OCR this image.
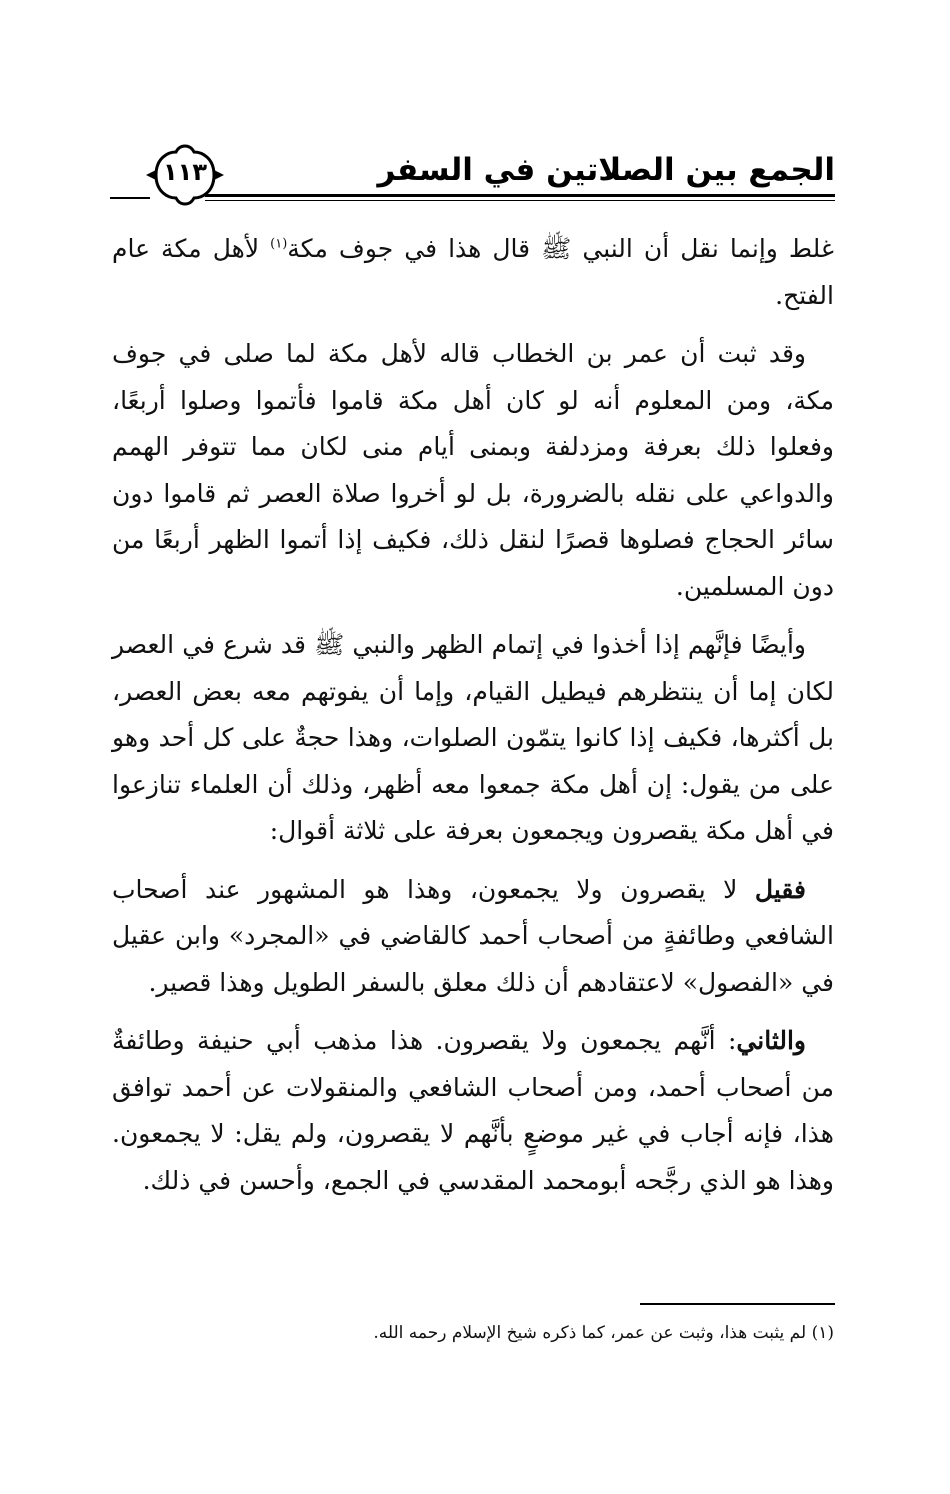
الجمع بين الصلاتين في السفر
١١٣

غلط وإنما نقل أن النبي ﷺ قال هذا في جوف مكة$^{(١)}$ لأهل مكة عام الفتح.

وقد ثبت أن عمر بن الخطاب قاله لأهل مكة لما صلى في جوف مكة، ومن المعلوم أنه لو كان أهل مكة قاموا فأتموا وصلوا أربعًا، وفعلوا ذلك بعرفة ومزدلفة وبمنى أيام منى لكان مما تتوفر الهمم والدواعي على نقله بالضرورة، بل لو أخروا صلاة العصر ثم قاموا دون سائر الحجاج فصلوها قصرًا لنقل ذلك، فكيف إذا أتموا الظهر أربعًا من دون المسلمين.

وأيضًا فإنَّهم إذا أخذوا في إتمام الظهر والنبي ﷺ قد شرع في العصر لكان إما أن ينتظرهم فيطيل القيام، وإما أن يفوتهم معه بعض العصر، بل أكثرها، فكيف إذا كانوا يتمّون الصلوات، وهذا حجةٌ على كل أحد وهو على من يقول: إن أهل مكة جمعوا معه أظهر، وذلك أن العلماء تنازعوا في أهل مكة يقصرون ويجمعون بعرفة على ثلاثة أقوال:

فقيل لا يقصرون ولا يجمعون، وهذا هو المشهور عند أصحاب الشافعي وطائفةٍ من أصحاب أحمد كالقاضي في «المجرد» وابن عقيل في «الفصول» لاعتقادهم أن ذلك معلق بالسفر الطويل وهذا قصير.

والثاني: أنَّهم يجمعون ولا يقصرون. هذا مذهب أبي حنيفة وطائفةٌ من أصحاب أحمد، ومن أصحاب الشافعي والمنقولات عن أحمد توافق هذا، فإنه أجاب في غير موضعٍ بأنَّهم لا يقصرون، ولم يقل: لا يجمعون. وهذا هو الذي رجَّحه أبومحمد المقدسي في الجمع، وأحسن في ذلك.

(١) لم يثبت هذا، وثبت عن عمر، كما ذكره شيخ الإسلام رحمه الله.
